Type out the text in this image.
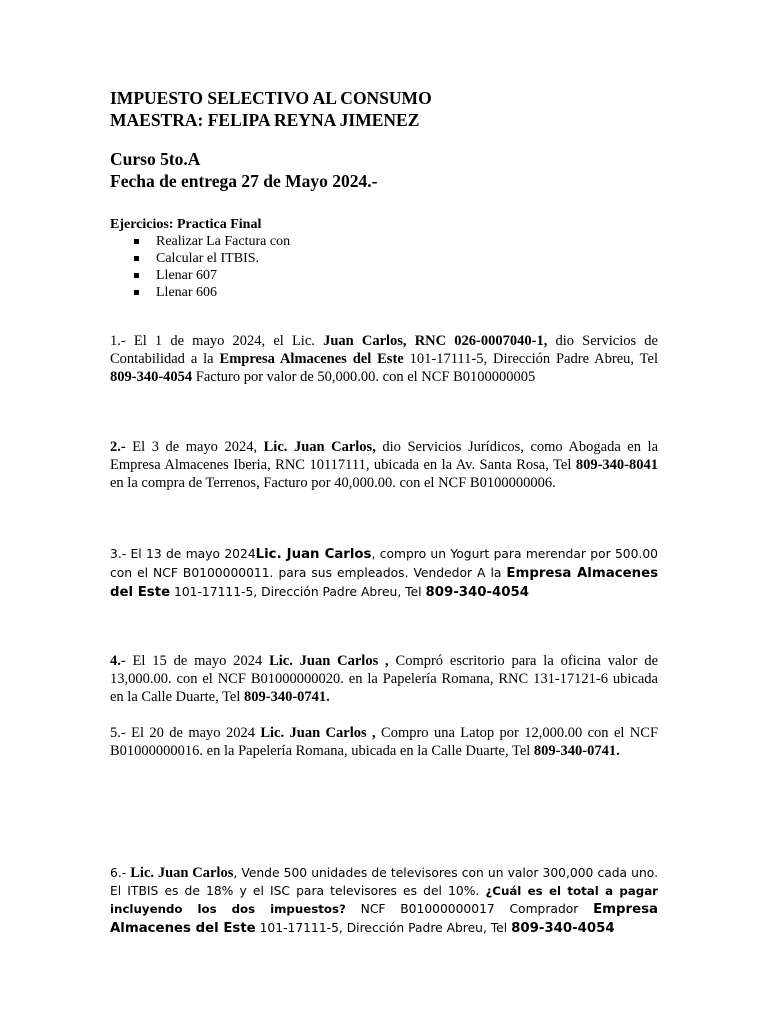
IMPUESTO SELECTIVO AL CONSUMO
MAESTRA: FELIPA REYNA JIMENEZ
Curso 5to.A
Fecha de entrega 27 de Mayo 2024.-
Ejercicios: Practica Final
Realizar La Factura con
Calcular el ITBIS.
Llenar 607
Llenar 606

1.- El 1 de mayo 2024, el Lic. Juan Carlos, RNC 026-0007040-1, dio Servicios de Contabilidad a la Empresa Almacenes del Este 101-17111-5, Dirección Padre Abreu, Tel 809-340-4054 Facturo por valor de 50,000.00. con el NCF B0100000005

2.- El 3 de mayo 2024, Lic. Juan Carlos, dio Servicios Jurídicos, como Abogada en la Empresa Almacenes Iberia, RNC 10117111, ubicada en la Av. Santa Rosa, Tel 809-340-8041 en la compra de Terrenos, Facturo por 40,000.00. con el NCF B0100000006.

3.- El 13 de mayo 2024Lic. Juan Carlos, compro un Yogurt para merendar por 500.00 con el NCF B0100000011. para sus empleados. Vendedor A la Empresa Almacenes del Este 101-17111-5, Dirección Padre Abreu, Tel 809-340-4054

4.- El 15 de mayo 2024 Lic. Juan Carlos , Compró escritorio para la oficina valor de 13,000.00. con el NCF B01000000020. en la Papelería Romana, RNC 131-17121-6 ubicada en la Calle Duarte, Tel 809-340-0741.

5.- El 20 de mayo 2024 Lic. Juan Carlos , Compro una Latop por 12,000.00 con el NCF B01000000016. en la Papelería Romana, ubicada en la Calle Duarte, Tel 809-340-0741.

6.- Lic. Juan Carlos, Vende 500 unidades de televisores con un valor 300,000 cada uno. El ITBIS es de 18% y el ISC para televisores es del 10%. ¿Cuál es el total a pagar incluyendo los dos impuestos? NCF B01000000017 Comprador Empresa Almacenes del Este 101-17111-5, Dirección Padre Abreu, Tel 809-340-4054
